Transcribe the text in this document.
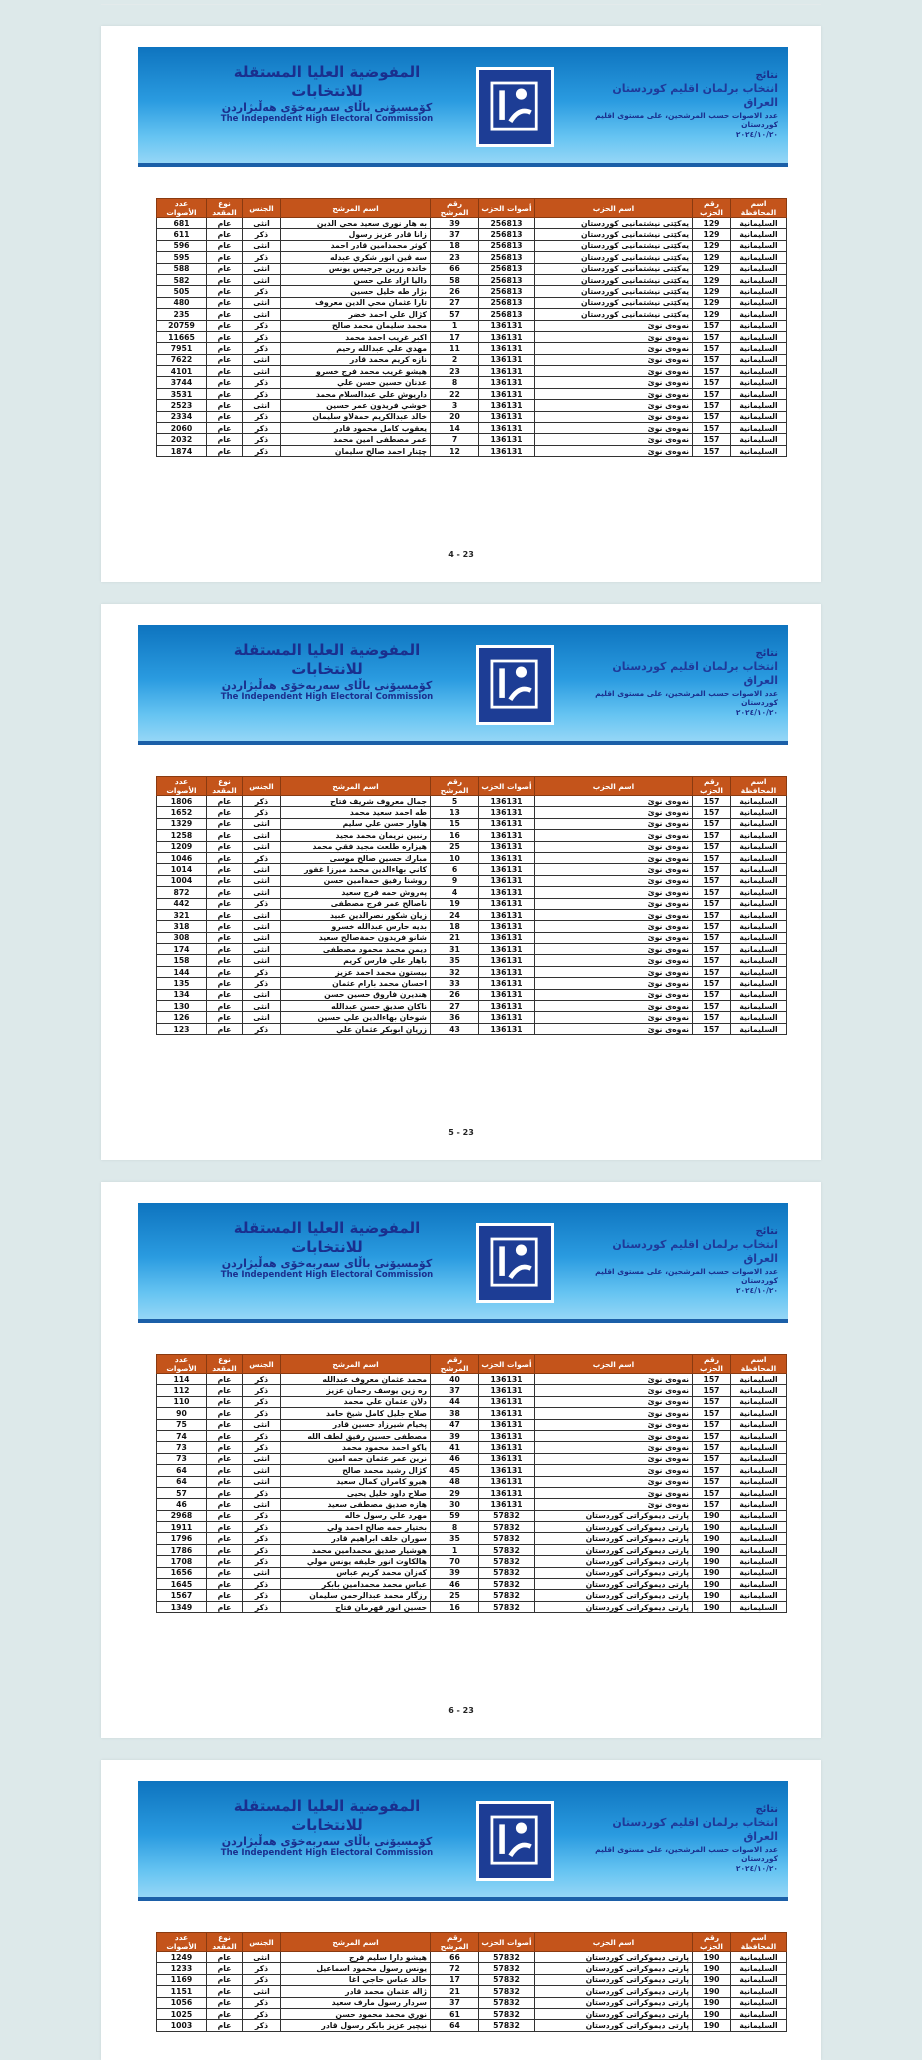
المفوضية العليا المستقلة للانتخابات
کۆمسیۆنی باڵای سەربەخۆی هەڵبژاردن
The Independent High Electoral Commission
نتائج
انتخاب برلمان اقليم كوردستان العراق
عدد الاصوات حسب المرشحين، على مستوى اقليم كوردستان
٢٠٢٤/١٠/٢٠
اسم المحافظة	رقم الحزب	اسم الحزب	أصوات الحزب	رقم المرشح	اسم المرشح	الجنس	نوع المقعد	عدد الأصوات
السليمانية	129	یەکێتی نیشتمانیی کوردستان	256813	39	به هار نوری سعید محي الدين	انثى	عام	681
السليمانية	129	یەکێتی نیشتمانیی کوردستان	256813	37	زانا قادر عزيز رسول	ذكر	عام	611
السليمانية	129	یەکێتی نیشتمانیی کوردستان	256813	18	كوثر محمدامين قادر احمد	انثى	عام	596
السليمانية	129	یەکێتی نیشتمانیی کوردستان	256813	23	سه ڤين انور شكري عبدله	ذكر	عام	595
السليمانية	129	یەکێتی نیشتمانیی کوردستان	256813	66	خاتده زرين جرجيس يونس	انثى	عام	588
السليمانية	129	یەکێتی نیشتمانیی کوردستان	256813	58	داليا ازاد علي حسن	انثى	عام	582
السليمانية	129	یەکێتی نیشتمانیی کوردستان	256813	26	بژار طه خليل حسين	ذكر	عام	505
السليمانية	129	یەکێتی نیشتمانیی کوردستان	256813	27	تارا عثمان محي الدين معروف	انثى	عام	480
السليمانية	129	یەکێتی نیشتمانیی کوردستان	256813	57	كژال علي احمد خضر	انثى	عام	235
السليمانية	157	نەوەی نوێ	136131	1	محمد سليمان محمد صالح	ذكر	عام	20759
السليمانية	157	نەوەی نوێ	136131	17	اكبر غريب احمد محمد	ذكر	عام	11665
السليمانية	157	نەوەی نوێ	136131	11	مهدي علي عبدالله رحيم	ذكر	عام	7951
السليمانية	157	نەوەی نوێ	136131	2	نازه كريم محمد قادر	انثى	عام	7622
السليمانية	157	نەوەی نوێ	136131	23	هيشو غريب محمد فرج خسرو	انثى	عام	4101
السليمانية	157	نەوەی نوێ	136131	8	عدنان حسين حسن علي	ذكر	عام	3744
السليمانية	157	نەوەی نوێ	136131	22	داريوش علي عبدالسلام محمد	ذكر	عام	3531
السليمانية	157	نەوەی نوێ	136131	3	خوشي فريدون عمر حسين	انثى	عام	2523
السليمانية	157	نەوەی نوێ	136131	20	خالد عبدالكريم حمةلاو سليمان	ذكر	عام	2334
السليمانية	157	نەوەی نوێ	136131	14	يعقوب كامل محمود قادر	ذكر	عام	2060
السليمانية	157	نەوەی نوێ	136131	7	عمر مصطفى امين محمد	ذكر	عام	2032
السليمانية	157	نەوەی نوێ	136131	12	چێنار احمد صالح سليمان	ذكر	عام	1874
4 - 23
المفوضية العليا المستقلة للانتخابات
کۆمسیۆنی باڵای سەربەخۆی هەڵبژاردن
The Independent High Electoral Commission
نتائج
انتخاب برلمان اقليم كوردستان العراق
عدد الاصوات حسب المرشحين، على مستوى اقليم كوردستان
٢٠٢٤/١٠/٢٠
اسم المحافظة	رقم الحزب	اسم الحزب	أصوات الحزب	رقم المرشح	اسم المرشح	الجنس	نوع المقعد	عدد الأصوات
السليمانية	157	نەوەی نوێ	136131	5	جمال معروف شريف فتاح	ذكر	عام	1806
السليمانية	157	نەوەی نوێ	136131	13	طه احمد سعيد محمد	ذكر	عام	1652
السليمانية	157	نەوەی نوێ	136131	15	هاوار حسن علي سليم	انثى	عام	1329
السليمانية	157	نەوەی نوێ	136131	16	رنبين نريمان محمد مجيد	انثى	عام	1258
السليمانية	157	نەوەی نوێ	136131	25	هيزاره طلعت مجيد فقي محمد	انثى	عام	1209
السليمانية	157	نەوەی نوێ	136131	10	مبارك حسين صالح موسى	ذكر	عام	1046
السليمانية	157	نەوەی نوێ	136131	6	كاني بهاءالدين محمد ميرزا غفور	انثى	عام	1014
السليمانية	157	نەوەی نوێ	136131	9	روشنا رفيق حمةامين حسن	انثى	عام	1004
السليمانية	157	نەوەی نوێ	136131	4	پەروش حمه فرج سعيد	انثى	عام	872
السليمانية	157	نەوەی نوێ	136131	19	ناصالح عمر فرج مصطفى	ذكر	عام	442
السليمانية	157	نەوەی نوێ	136131	24	زيان شكور نصرالدين عبيد	انثى	عام	321
السليمانية	157	نەوەی نوێ	136131	18	بديه حارس عبدالله خسرو	انثى	عام	318
السليمانية	157	نەوەی نوێ	136131	21	شانو فريدون حمةصالح سعيد	انثى	عام	308
السليمانية	157	نەوەی نوێ	136131	31	ديمن محمد محمود مصطفى	انثى	عام	174
السليمانية	157	نەوەی نوێ	136131	35	باهار علي فارس كريم	انثى	عام	158
السليمانية	157	نەوەی نوێ	136131	32	بيستون محمد احمد عزيز	ذكر	عام	144
السليمانية	157	نەوەی نوێ	136131	33	احسان محمد بارام عثمان	ذكر	عام	135
السليمانية	157	نەوەی نوێ	136131	26	هنديرن فاروق حسين حسن	انثى	عام	134
السليمانية	157	نەوەی نوێ	136131	27	ناكان صديق حسن عبدالله	انثى	عام	130
السليمانية	157	نەوەی نوێ	136131	36	شوخان بهاءالدين علي حسين	انثى	عام	126
السليمانية	157	نەوەی نوێ	136131	43	زريان ابوبكر عثمان علي	ذكر	عام	123
5 - 23
المفوضية العليا المستقلة للانتخابات
کۆمسیۆنی باڵای سەربەخۆی هەڵبژاردن
The Independent High Electoral Commission
نتائج
انتخاب برلمان اقليم كوردستان العراق
عدد الاصوات حسب المرشحين، على مستوى اقليم كوردستان
٢٠٢٤/١٠/٢٠
اسم المحافظة	رقم الحزب	اسم الحزب	أصوات الحزب	رقم المرشح	اسم المرشح	الجنس	نوع المقعد	عدد الأصوات
السليمانية	157	نەوەی نوێ	136131	40	محمد عثمان معروف عبدالله	ذكر	عام	114
السليمانية	157	نەوەی نوێ	136131	37	ره زين يوسف رحمان عزيز	ذكر	عام	112
السليمانية	157	نەوەی نوێ	136131	44	دلان عثمان علي محمد	ذكر	عام	110
السليمانية	157	نەوەی نوێ	136131	38	صلاح جليل كامل شيخ حامد	ذكر	عام	90
السليمانية	157	نەوەی نوێ	136131	47	پخيام شيرزاد حسين قادر	انثى	عام	75
السليمانية	157	نەوەی نوێ	136131	39	مصطفى حسين رفيق لطف الله	ذكر	عام	74
السليمانية	157	نەوەی نوێ	136131	41	ياكو احمد محمود محمد	ذكر	عام	73
السليمانية	157	نەوەی نوێ	136131	46	نرين عمر عثمان حمه امين	انثى	عام	73
السليمانية	157	نەوەی نوێ	136131	45	كژال رشيد محمد صالح	انثى	عام	64
السليمانية	157	نەوەی نوێ	136131	48	هيرو كامران كمال سعيد	انثى	عام	64
السليمانية	157	نەوەی نوێ	136131	29	صلاح داود خليل يحيى	ذكر	عام	57
السليمانية	157	نەوەی نوێ	136131	30	هازه صديق مصطفى سعيد	انثى	عام	46
السليمانية	190	پارتی دیموکراتی کوردستان	57832	59	مهرد علي رسول خاله	ذكر	عام	2968
السليمانية	190	پارتی دیموکراتی کوردستان	57832	8	بختيار حمه صالح احمد ولي	ذكر	عام	1911
السليمانية	190	پارتی دیموکراتی کوردستان	57832	35	سوران خلف ابراهيم قادر	ذكر	عام	1796
السليمانية	190	پارتی دیموکراتی کوردستان	57832	1	هوشيار صديق محمدامين محمد	ذكر	عام	1786
السليمانية	190	پارتی دیموکراتی کوردستان	57832	70	هالكاوت انور خليفه يونس مولي	ذكر	عام	1708
السليمانية	190	پارتی دیموکراتی کوردستان	57832	39	كەزان محمد كريم عباس	انثى	عام	1656
السليمانية	190	پارتی دیموکراتی کوردستان	57832	46	عباس محمد محمدامين بابكر	ذكر	عام	1645
السليمانية	190	پارتی دیموکراتی کوردستان	57832	25	رزگار محمد عبدالرحمن سليمان	ذكر	عام	1567
السليمانية	190	پارتی دیموکراتی کوردستان	57832	16	حسين انور قهرمان فتاح	ذكر	عام	1349
6 - 23
المفوضية العليا المستقلة للانتخابات
کۆمسیۆنی باڵای سەربەخۆی هەڵبژاردن
The Independent High Electoral Commission
نتائج
انتخاب برلمان اقليم كوردستان العراق
عدد الاصوات حسب المرشحين، على مستوى اقليم كوردستان
٢٠٢٤/١٠/٢٠
اسم المحافظة	رقم الحزب	اسم الحزب	أصوات الحزب	رقم المرشح	اسم المرشح	الجنس	نوع المقعد	عدد الأصوات
السليمانية	190	پارتی دیموکراتی کوردستان	57832	66	هيشو دارا سليم فرج	انثى	عام	1249
السليمانية	190	پارتی دیموکراتی کوردستان	57832	72	يونس رسول محمود اسماعيل	ذكر	عام	1233
السليمانية	190	پارتی دیموکراتی کوردستان	57832	17	خالد عباس حاجي اغا	ذكر	عام	1169
السليمانية	190	پارتی دیموکراتی کوردستان	57832	21	ژاله عثمان محمد قادر	انثى	عام	1151
السليمانية	190	پارتی دیموکراتی کوردستان	57832	37	سردار رسول مارف سعيد	ذكر	عام	1056
السليمانية	190	پارتی دیموکراتی کوردستان	57832	61	نوري محمد محمود حسن	ذكر	عام	1025
السليمانية	190	پارتی دیموکراتی کوردستان	57832	64	نيچير عزيز بابكر رسول قادر	ذكر	عام	1003
